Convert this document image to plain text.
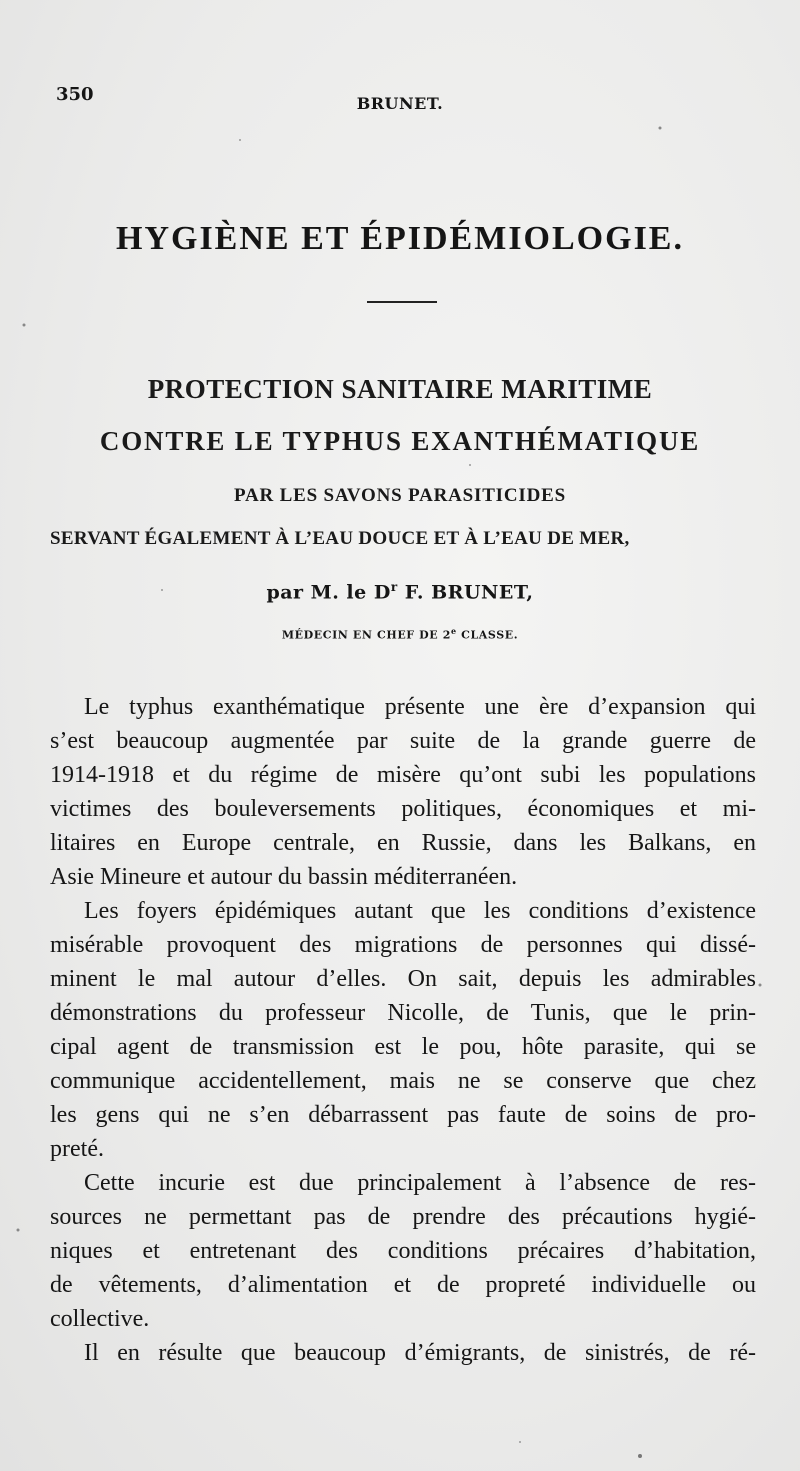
350	BRUNET.
HYGIÈNE ET ÉPIDÉMIOLOGIE.
PROTECTION SANITAIRE MARITIME
CONTRE LE TYPHUS EXANTHÉMATIQUE
PAR LES SAVONS PARASITICIDES
SERVANT ÉGALEMENT À L’EAU DOUCE ET À L’EAU DE MER,
par M. le $D^r$ F. BRUNET,
MÉDECIN EN CHEF DE 2e CLASSE.
Le typhus exanthématique présente une ère d’expansion qui
s’est beaucoup augmentée par suite de la grande guerre de
1914-1918 et du régime de misère qu’ont subi les populations
victimes des bouleversements politiques, économiques et mi-
litaires en Europe centrale, en Russie, dans les Balkans, en
Asie Mineure et autour du bassin méditerranéen.
Les foyers épidémiques autant que les conditions d’existence
misérable provoquent des migrations de personnes qui dissé-
minent le mal autour d’elles. On sait, depuis les admirables
démonstrations du professeur Nicolle, de Tunis, que le prin-
cipal agent de transmission est le pou, hôte parasite, qui se
communique accidentellement, mais ne se conserve que chez
les gens qui ne s’en débarrassent pas faute de soins de pro-
preté.
Cette incurie est due principalement à l’absence de res-
sources ne permettant pas de prendre des précautions hygié-
niques et entretenant des conditions précaires d’habitation,
de vêtements, d’alimentation et de propreté individuelle ou
collective.
Il en résulte que beaucoup d’émigrants, de sinistrés, de ré-
